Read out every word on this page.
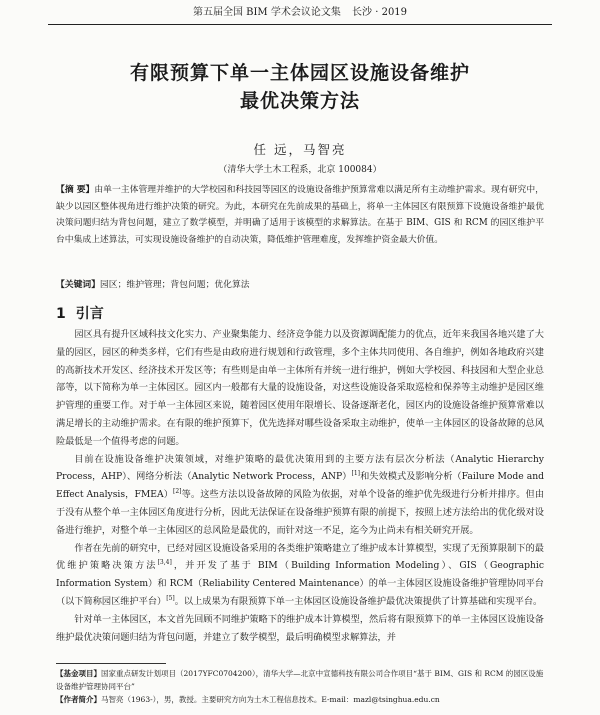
第五届全国 BIM 学术会议论文集 长沙 · 2019
有限预算下单一主体园区设施设备维护
最优决策方法
任 远，马智亮
（清华大学土木工程系，北京 100084）
【摘 要】由单一主体管理并维护的大学校园和科技园等园区的设施设备维护预算常难以满足所有主动维护需求。现有研究中，缺少以园区整体视角进行维护决策的研究。为此，本研究在先前成果的基础上，将单一主体园区有限预算下设施设备维护最优决策问题归结为背包问题，建立了数学模型，并明确了适用于该模型的求解算法。在基于 BIM、GIS 和 RCM 的园区维护平台中集成上述算法，可实现设施设备维护的自动决策，降低维护管理难度，发挥维护资金最大价值。
【关键词】园区；维护管理；背包问题；优化算法
1 引言

园区具有提升区域科技文化实力、产业聚集能力、经济竞争能力以及资源调配能力的优点，近年来我国各地兴建了大量的园区，园区的种类多样，它们有些是由政府进行规划和行政管理，多个主体共同使用、各自维护，例如各地政府兴建的高新技术开发区、经济技术开发区等；有些则是由单一主体所有并统一进行维护，例如大学校园、科技园和大型企业总部等，以下简称为单一主体园区。园区内一般都有大量的设施设备，对这些设施设备采取巡检和保养等主动维护是园区维护管理的重要工作。对于单一主体园区来说，随着园区使用年限增长、设备逐渐老化，园区内的设施设备维护预算常难以满足增长的主动维护需求。在有限的维护预算下，优先选择对哪些设备采取主动维护，使单一主体园区的设备故障的总风险最低是一个值得考虑的问题。

目前在设施设备维护决策领域，对维护策略的最优决策用到的主要方法有层次分析法（Analytic Hierarchy Process，AHP）、网络分析法（Analytic Network Process，ANP）[1]和失效模式及影响分析（Failure Mode and Effect Analysis，FMEA）[2]等。这些方法以设备故障的风险为依据，对单个设备的维护优先级进行分析并排序。但由于没有从整个单一主体园区角度进行分析，因此无法保证在设备维护预算有限的前提下，按照上述方法给出的优化级对设备进行维护，对整个单一主体园区的总风险是最优的，而针对这一不足，迄今为止尚未有相关研究开展。

作者在先前的研究中，已经对园区设施设备采用的各类维护策略建立了维护成本计算模型，实现了无预算限制下的最优维护策略决策方法[3,4]，并开发了基于 BIM（Building Information Modeling）、GIS（Geographic Information System）和 RCM（Reliability Centered Maintenance）的单一主体园区设施设备维护管理协同平台（以下简称园区维护平台）[5]。以上成果为有限预算下单一主体园区设施设备维护最优决策提供了计算基础和实现平台。

针对单一主体园区，本文首先回顾不同维护策略下的维护成本计算模型，然后将有限预算下的单一主体园区设施设备维护最优决策问题归结为背包问题，并建立了数学模型，最后明确模型求解算法，并

【基金项目】国家重点研发计划项目（2017YFC0704200），清华大学—北京中宣德科技有限公司合作项目“基于 BIM、GIS 和 RCM 的园区设施设备维护管理协同平台”
【作者简介】马智亮（1963-），男，教授。主要研究方向为土木工程信息技术。E-mail：mazl@tsinghua.edu.cn
